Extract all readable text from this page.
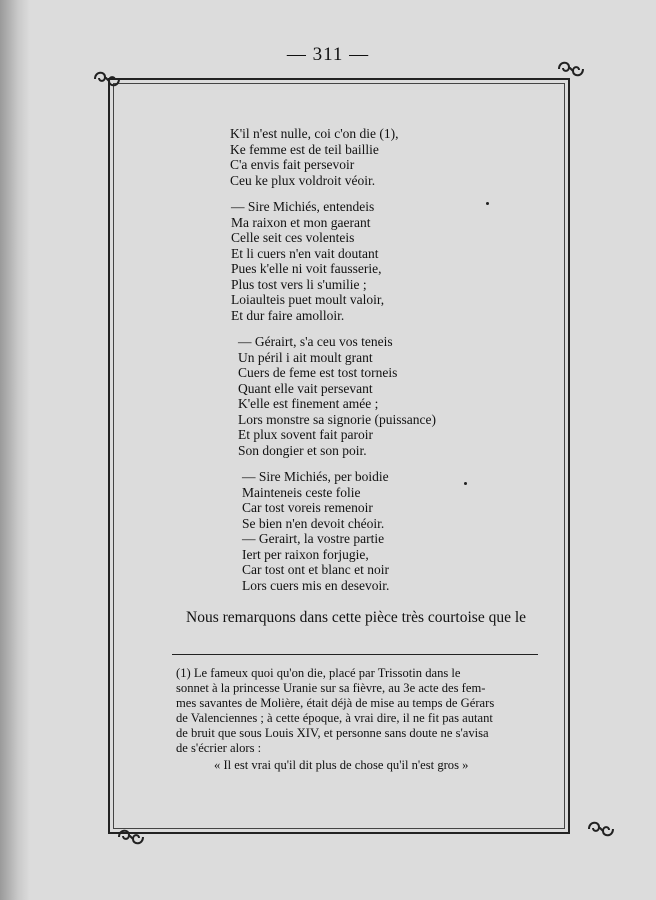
— 311 —
K'il n'est nulle, coi c'on die (1),
Ke femme est de teil baillie
C'a envis fait persevoir
Ceu ke plux voldroit véoir.
— Sire Michiés, entendeis
Ma raixon et mon gaerant
Celle seit ces volenteis
Et li cuers n'en vait doutant
Pues k'elle ni voit fausserie,
Plus tost vers li s'umilie ;
Loiaulteis puet moult valoir,
Et dur faire amolloir.
— Gérairt, s'a ceu vos teneis
Un péril i ait moult grant
Cuers de feme est tost torneis
Quant elle vait persevant
K'elle est finement amée ;
Lors monstre sa signorie (puissance)
Et plux sovent fait paroir
Son dongier et son poir.
— Sire Michiés, per boidie
Mainteneis ceste folie
Car tost voreis remenoir
Se bien n'en devoit chéoir.
— Gerairt, la vostre partie
Iert per raixon forjugie,
Car tost ont et blanc et noir
Lors cuers mis en desevoir.
Nous remarquons dans cette pièce très courtoise que le
(1) Le fameux quoi qu'on die, placé par Trissotin dans le
sonnet à la princesse Uranie sur sa fièvre, au 3e acte des fem-
mes savantes de Molière, était déjà de mise au temps de Gérars
de Valenciennes ; à cette époque, à vrai dire, il ne fit pas autant
de bruit que sous Louis XIV, et personne sans doute ne s'avisa
de s'écrier alors :
« Il est vrai qu'il dit plus de chose qu'il n'est gros »
